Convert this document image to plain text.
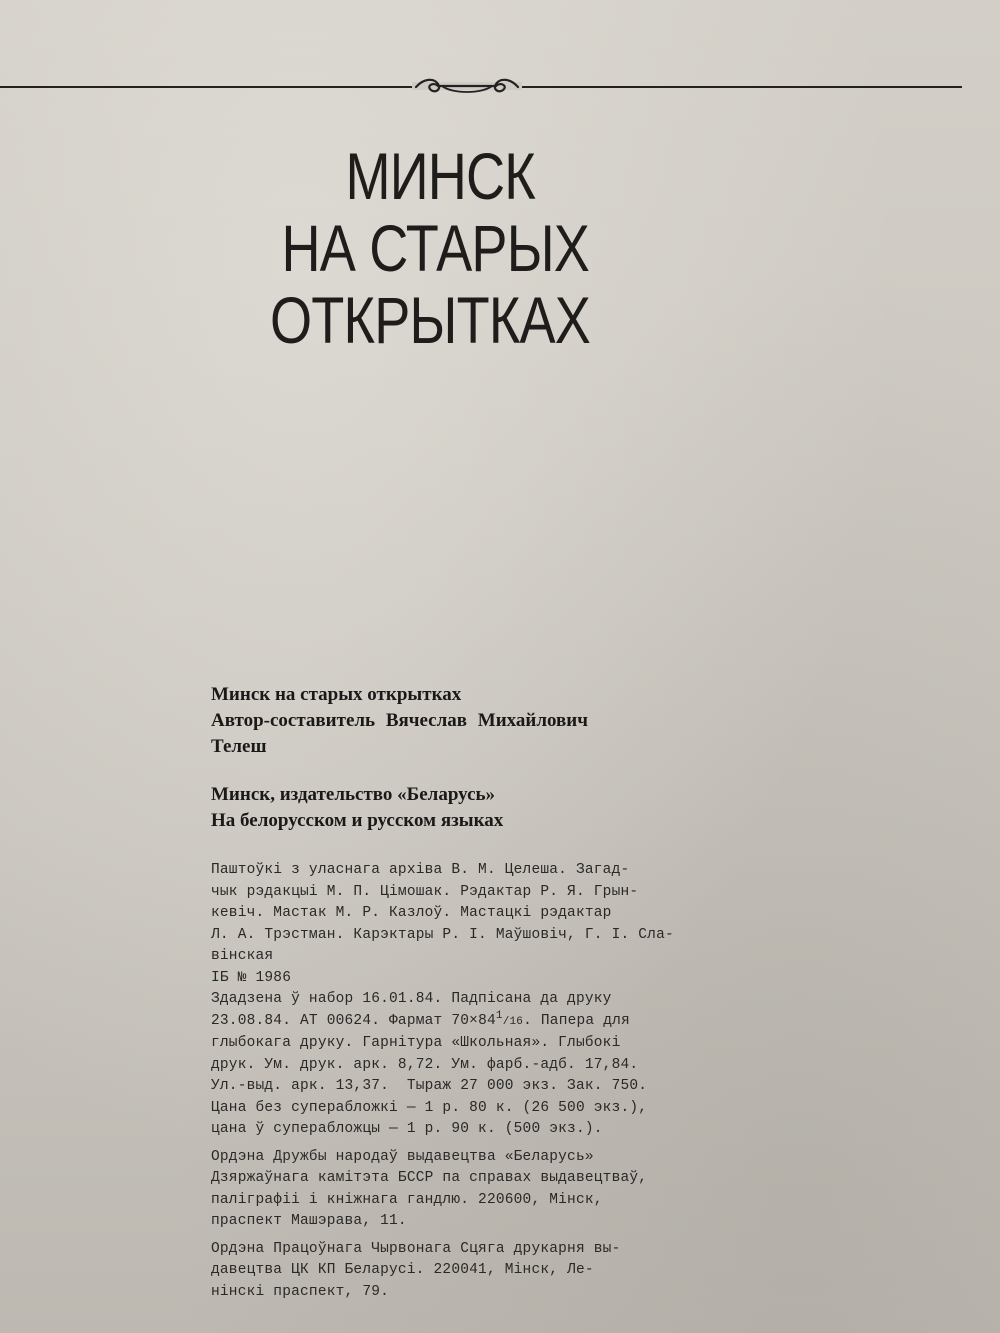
МИНСК
НА СТАРЫХ
ОТКРЫТКАХ

Минск на старых открытках

Автор-составитель Вячеслав Михайлович

Телеш

Минск, издательство «Беларусь»

На белорусском и русском языках

Паштоўкі з уласнага архіва В. М. Целеша. Загад-

чык рэдакцыі М. П. Цімошак. Рэдактар Р. Я. Грын-

кевіч. Мастак М. Р. Казлоў. Мастацкі рэдактар

Л. А. Трэстман. Карэктары Р. І. Маўшовіч, Г. І. Сла-

вінская

ІБ № 1986

Здадзена ў набор 16.01.84. Падпісана да друку

23.08.84. АТ 00624. Фармат $70\times 84^1/16$. Папера для

глыбокага друку. Гарнітура «Школьная». Глыбокі

друк. Ум. друк. арк. 8,72. Ум. фарб.-адб. 17,84.

Ул.-выд. арк. 13,37.  Тыраж 27 000 экз. Зак. 750.

Цана без суперабложкі — 1 р. 80 к. (26 500 экз.),

цана ў суперабложцы — 1 р. 90 к. (500 экз.).

Ордэна Дружбы народаў выдавецтва «Беларусь»

Дзяржаўнага камітэта БССР па справах выдавецтваў,

паліграфіі і кніжнага гандлю. 220600, Мінск,

праспект Машэрава, 11.

Ордэна Працоўнага Чырвонага Сцяга друкарня вы-

давецтва ЦК КП Беларусі. 220041, Мінск, Ле-

нінскі праспект, 79.
